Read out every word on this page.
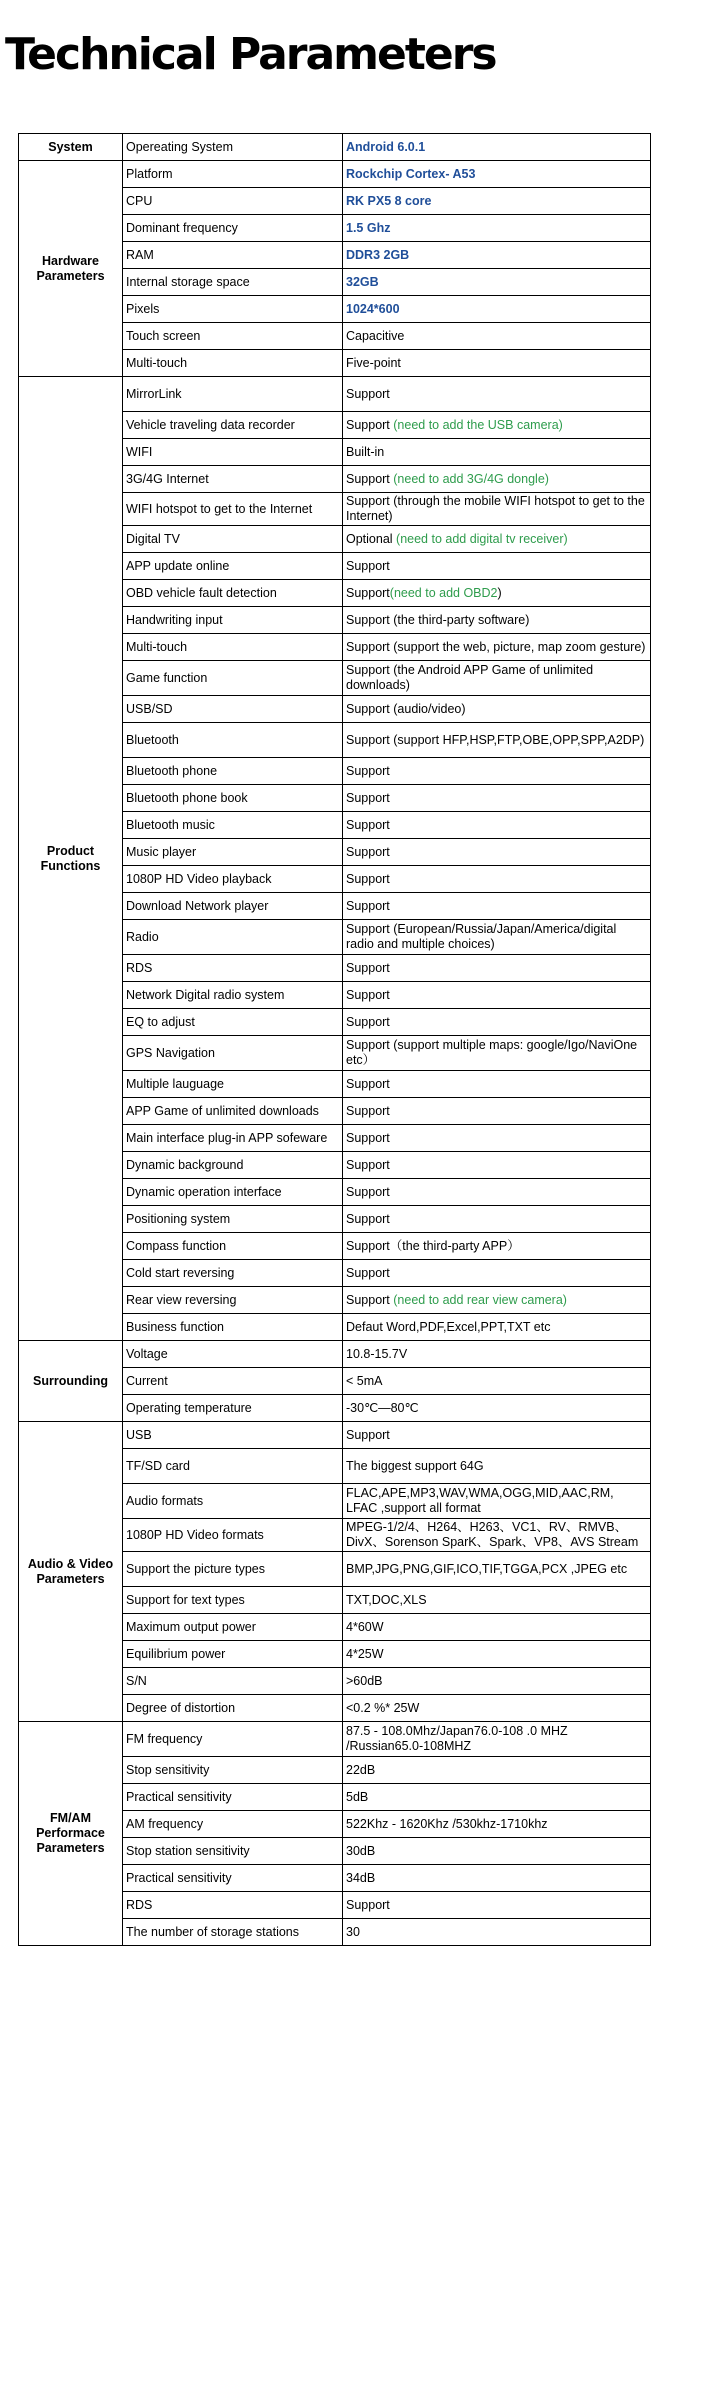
Technical Parameters
System	Opereating System	Android 6.0.1
Hardware Parameters	Platform	Rockchip Cortex- A53
	CPU	RK PX5 8 core
	Dominant frequency	1.5 Ghz
	RAM	DDR3 2GB
	Internal storage space	32GB
	Pixels	1024*600
	Touch screen	Capacitive
	Multi-touch	Five-point
Product Functions	MirrorLink	Support
	Vehicle traveling data recorder	Support (need to add the USB camera)
	WIFI	Built-in
	3G/4G Internet	Support (need to add 3G/4G dongle)
	WIFI hotspot to get to the Internet	Support (through the mobile WIFI hotspot to get to the Internet)
	Digital TV	Optional (need to add digital tv receiver)
	APP update online	Support
	OBD vehicle fault detection	Support(need to add OBD2)
	Handwriting input	Support (the third-party software)
	Multi-touch	Support (support the web, picture, map zoom gesture)
	Game function	Support (the Android APP Game of unlimited downloads)
	USB/SD	Support (audio/video)
	Bluetooth	Support (support HFP,HSP,FTP,OBE,OPP,SPP,A2DP)
	Bluetooth phone	Support
	Bluetooth phone book	Support
	Bluetooth music	Support
	Music player	Support
	1080P HD Video playback	Support
	Download Network player	Support
	Radio	Support (European/Russia/Japan/America/digital radio and multiple choices)
	RDS	Support
	Network Digital radio system	Support
	EQ to adjust	Support
	GPS Navigation	Support (support multiple maps: google/Igo/NaviOne etc）
	Multiple lauguage	Support
	APP Game of unlimited downloads	Support
	Main interface plug-in APP sofeware	Support
	Dynamic background	Support
	Dynamic operation interface	Support
	Positioning system	Support
	Compass function	Support（the third-party APP）
	Cold start reversing	Support
	Rear view reversing	Support (need to add rear view camera)
	Business function	Defaut Word,PDF,Excel,PPT,TXT etc
Surrounding	Voltage	10.8-15.7V
	Current	< 5mA
	Operating temperature	-30℃—80℃
Audio & Video Parameters	USB	Support
	TF/SD card	The biggest support 64G
	Audio formats	FLAC,APE,MP3,WAV,WMA,OGG,MID,AAC,RM, LFAC ,support all format
	1080P HD Video formats	MPEG-1/2/4、H264、H263、VC1、RV、RMVB、DivX、Sorenson SparK、Spark、VP8、AVS Stream
	Support the picture types	BMP,JPG,PNG,GIF,ICO,TIF,TGGA,PCX ,JPEG etc
	Support for text types	TXT,DOC,XLS
	Maximum output power	4*60W
	Equilibrium power	4*25W
	S/N	>60dB
	Degree of distortion	<0.2 %* 25W
FM/AM Performace Parameters	FM frequency	87.5 - 108.0Mhz/Japan76.0-108 .0 MHZ /Russian65.0-108MHZ
	Stop sensitivity	22dB
	Practical sensitivity	5dB
	AM frequency	522Khz - 1620Khz /530khz-1710khz
	Stop station sensitivity	30dB
	Practical sensitivity	34dB
	RDS	Support
	The number of storage stations	30
